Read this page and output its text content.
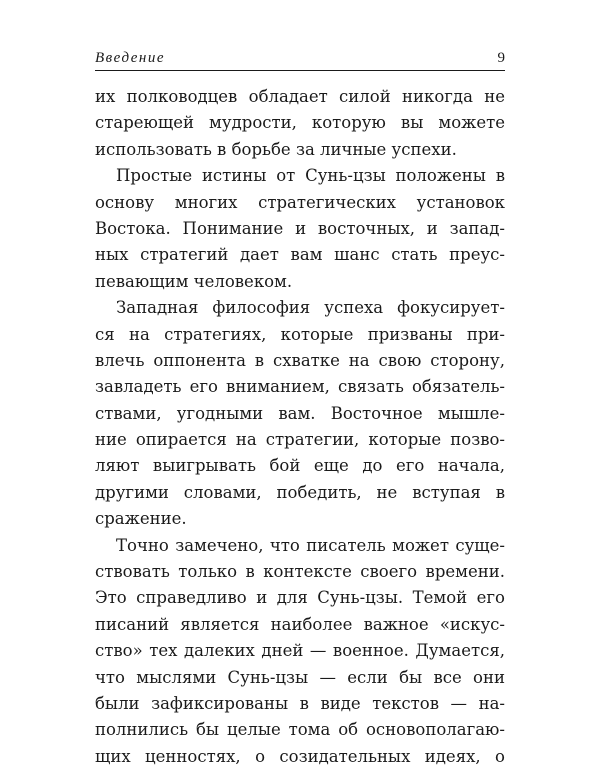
Введение	9
их полководцев обладает силой никогда не
стареющей мудрости, которую вы можете
использовать в борьбе за личные успехи.
Простые истины от Сунь-цзы положены в
основу многих стратегических установок
Востока. Понимание и восточных, и запад-
ных стратегий дает вам шанс стать преус-
певающим человеком.
Западная философия успеха фокусирует-
ся на стратегиях, которые призваны при-
влечь оппонента в схватке на свою сторону,
завладеть его вниманием, связать обязатель-
ствами, угодными вам. Восточное мышле-
ние опирается на стратегии, которые позво-
ляют выигрывать бой еще до его начала,
другими словами, победить, не вступая в
сражение.
Точно замечено, что писатель может суще-
ствовать только в контексте своего времени.
Это справедливо и для Сунь-цзы. Темой его
писаний является наиболее важное «искус-
ство» тех далеких дней — военное. Думается,
что мыслями Сунь-цзы — если бы все они
были зафиксированы в виде текстов — на-
полнились бы целые тома об основополагаю-
щих ценностях, о созидательных идеях, о
